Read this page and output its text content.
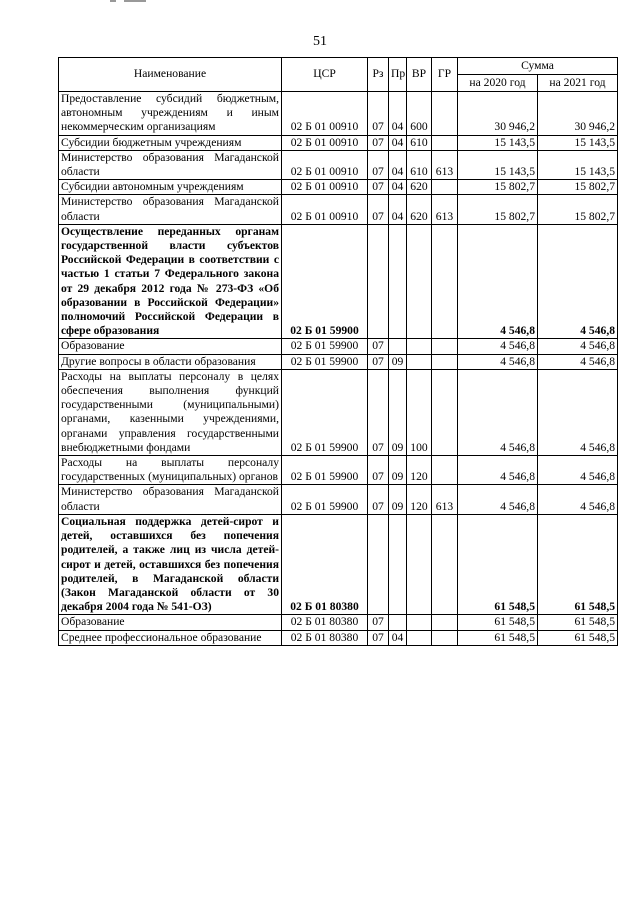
51
Наименование	ЦСР	Рз	Пр	ВР	ГР	Сумма	
						на 2020 год	на 2021 год
Предоставление субсидий бюджетным, автономным учреждениям и иным некоммерческим организациям	02 Б 01 00910	07	04	600		30 946,2	30 946,2
Субсидии бюджетным учреждениям	02 Б 01 00910	07	04	610		15 143,5	15 143,5
Министерство образования Магаданской области	02 Б 01 00910	07	04	610	613	15 143,5	15 143,5
Субсидии автономным учреждениям	02 Б 01 00910	07	04	620		15 802,7	15 802,7
Министерство образования Магаданской области	02 Б 01 00910	07	04	620	613	15 802,7	15 802,7
Осуществление переданных органам государственной власти субъектов Российской Федерации в соответствии с частью 1 статьи 7 Федерального закона от 29 декабря 2012 года № 273-ФЗ «Об образовании в Российской Федерации» полномочий Российской Федерации в сфере образования	02 Б 01 59900					4 546,8	4 546,8
Образование	02 Б 01 59900	07				4 546,8	4 546,8
Другие вопросы в области образования	02 Б 01 59900	07	09			4 546,8	4 546,8
Расходы на выплаты персоналу в целях обеспечения выполнения функций государственными (муниципальными) органами, казенными учреждениями, органами управления государственными внебюджетными фондами	02 Б 01 59900	07	09	100		4 546,8	4 546,8
Расходы на выплаты персоналу государственных (муниципальных) органов	02 Б 01 59900	07	09	120		4 546,8	4 546,8
Министерство образования Магаданской области	02 Б 01 59900	07	09	120	613	4 546,8	4 546,8
Социальная поддержка детей-сирот и детей, оставшихся без попечения родителей, а также лиц из числа детей-сирот и детей, оставшихся без попечения родителей, в Магаданской области (Закон Магаданской области от 30 декабря 2004 года № 541-ОЗ)	02 Б 01 80380					61 548,5	61 548,5
Образование	02 Б 01 80380	07				61 548,5	61 548,5
Среднее профессиональное образование	02 Б 01 80380	07	04			61 548,5	61 548,5
